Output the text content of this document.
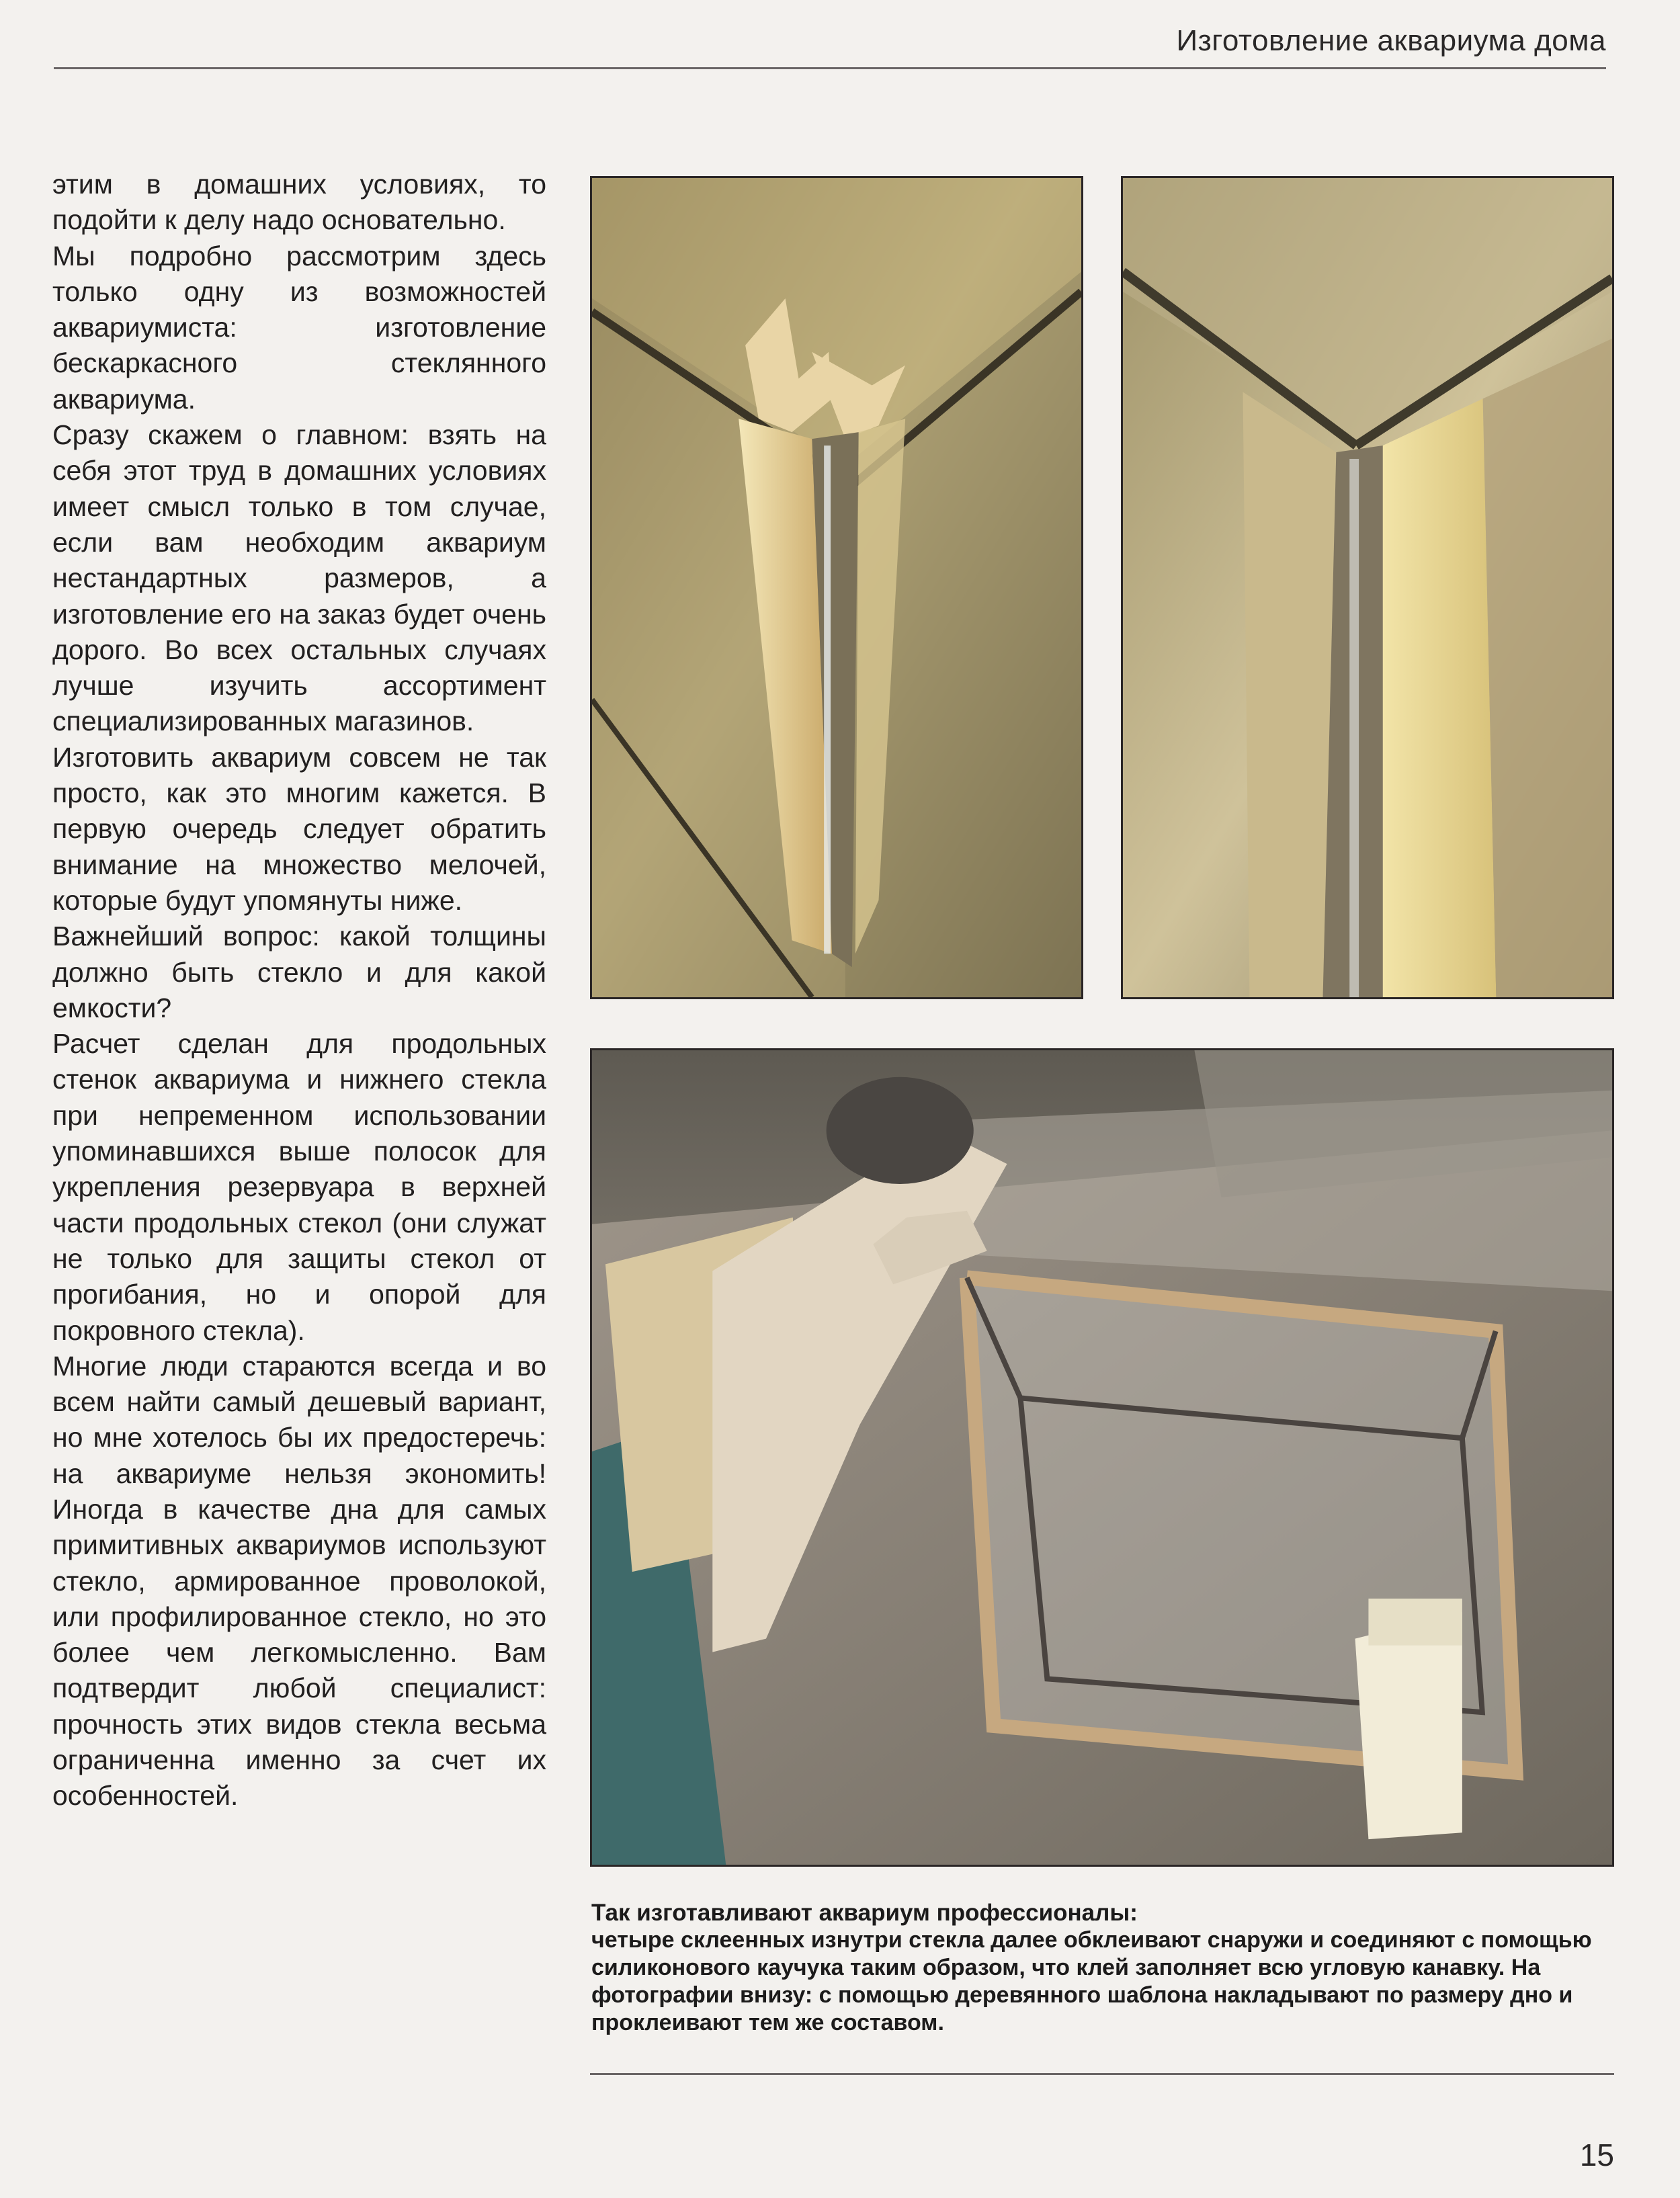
Изготовление аквариума дома

этим в домашних условиях, то подойти к делу надо основательно.

Мы подробно рассмотрим здесь только одну из возможностей аквариумиста: изготовление бескаркасного стеклянного аквариума.

Сразу скажем о главном: взять на себя этот труд в домашних условиях имеет смысл только в том случае, если вам необходим аквариум нестандартных размеров, а изготовление его на заказ будет очень дорого. Во всех остальных случаях лучше изучить ассортимент специализированных магазинов.

Изготовить аквариум совсем не так просто, как это многим кажется. В первую очередь следует обратить внимание на множество мелочей, которые будут упомянуты ниже.

Важнейший вопрос: какой толщины должно быть стекло и для какой емкости?

Расчет сделан для продольных стенок аквариума и нижнего стекла при непременном использовании упоминавшихся выше полосок для укрепления резервуара в верхней части продольных стекол (они служат не только для защиты стекол от прогибания, но и опорой для покровного стекла).

Многие люди стараются всегда и во всем найти самый дешевый вариант, но мне хотелось бы их предостеречь: на аквариуме нельзя экономить! Иногда в качестве дна для самых примитивных аквариумов используют стекло, армированное проволокой, или профилированное стекло, но это более чем легкомысленно. Вам подтвердит любой специалист: прочность этих видов стекла весьма ограниченна именно за счет их особенностей.

Так изготавливают аквариум профессионалы:

четыре склеенных изнутри стекла далее обклеивают снаружи и соединяют с помощью силиконового каучука таким образом, что клей заполняет всю угловую канавку. На фотографии внизу: с помощью деревянного шаблона накладывают по размеру дно и проклеивают тем же составом.

15
